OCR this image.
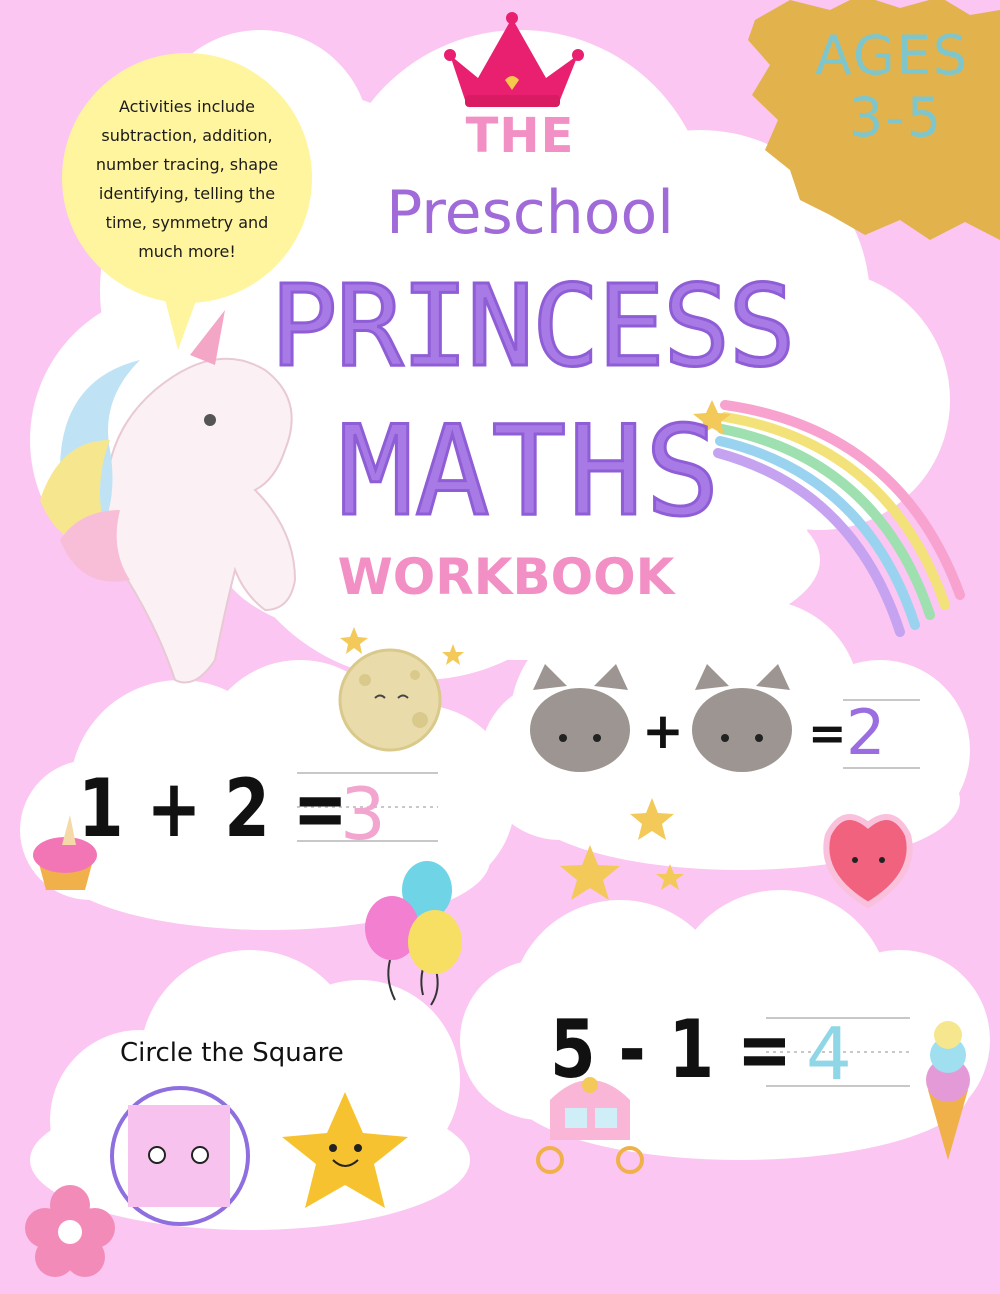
Activities include
subtraction, addition,
number tracing, shape
identifying, telling the
time, symmetry and
much more!
AGES
3-5
THE
Preschool
PRINCESS
MATHS
WORKBOOK
1 + 2 =
3
+	= 2
5 - 1 = 4
Circle the Square
